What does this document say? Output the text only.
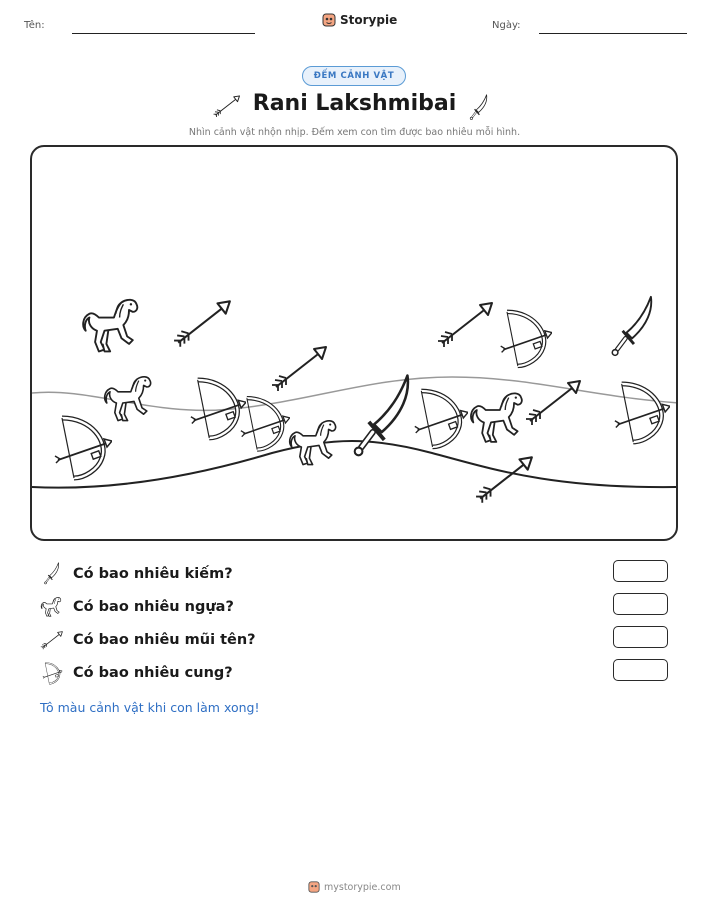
Tên:	Storypie	Ngày:
ĐẾM CẢNH VẬT
Rani Lakshmibai
Nhìn cảnh vật nhộn nhịp. Đếm xem con tìm được bao nhiêu mỗi hình.
Có bao nhiêu kiếm?
Có bao nhiêu ngựa?
Có bao nhiêu mũi tên?
Có bao nhiêu cung?
Tô màu cảnh vật khi con làm xong!
mystorypie.com
